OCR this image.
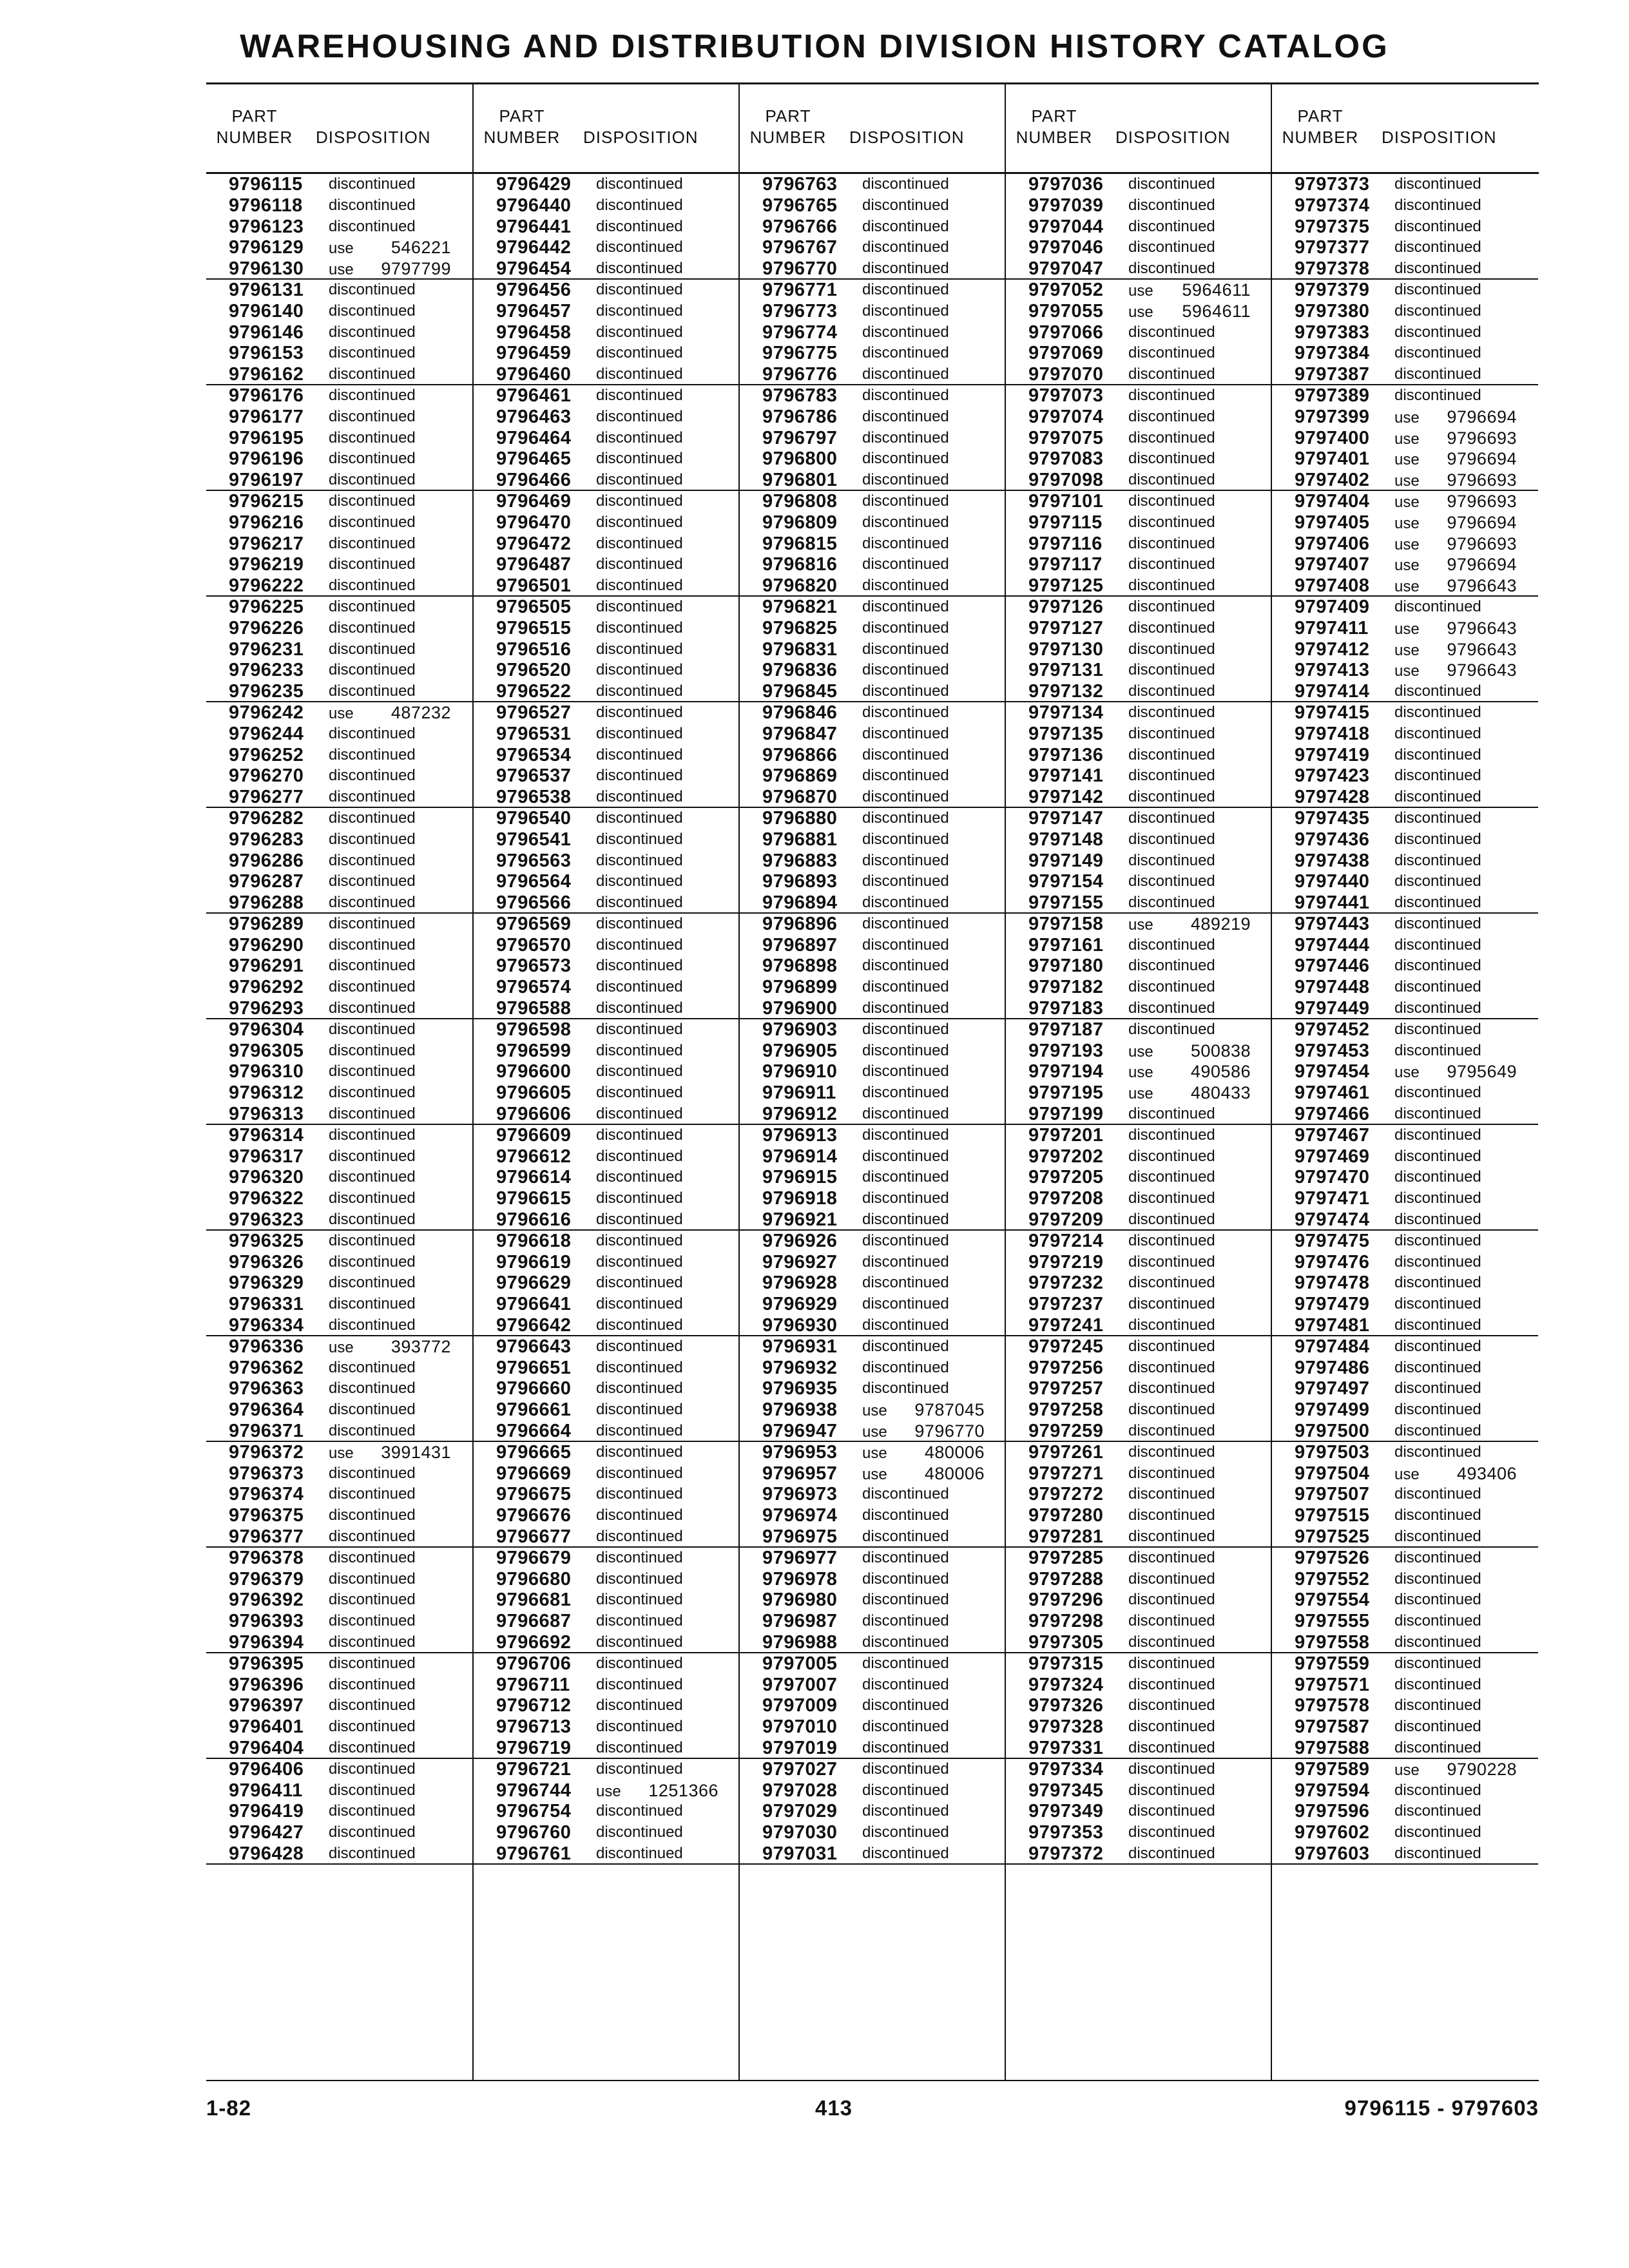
WAREHOUSING AND DISTRIBUTION DIVISION HISTORY CATALOG
PART
NUMBER	DISPOSITION
9796115 discontinued
9796118 discontinued
9796123 discontinued
9796129 use 546221
9796130 use 9797799
9796131 discontinued
9796140 discontinued
9796146 discontinued
9796153 discontinued
9796162 discontinued
9796176 discontinued
9796177 discontinued
9796195 discontinued
9796196 discontinued
9796197 discontinued
9796215 discontinued
9796216 discontinued
9796217 discontinued
9796219 discontinued
9796222 discontinued
9796225 discontinued
9796226 discontinued
9796231 discontinued
9796233 discontinued
9796235 discontinued
9796242 use 487232
9796244 discontinued
9796252 discontinued
9796270 discontinued
9796277 discontinued
9796282 discontinued
9796283 discontinued
9796286 discontinued
9796287 discontinued
9796288 discontinued
9796289 discontinued
9796290 discontinued
9796291 discontinued
9796292 discontinued
9796293 discontinued
9796304 discontinued
9796305 discontinued
9796310 discontinued
9796312 discontinued
9796313 discontinued
9796314 discontinued
9796317 discontinued
9796320 discontinued
9796322 discontinued
9796323 discontinued
9796325 discontinued
9796326 discontinued
9796329 discontinued
9796331 discontinued
9796334 discontinued
9796336 use 393772
9796362 discontinued
9796363 discontinued
9796364 discontinued
9796371 discontinued
9796372 use 3991431
9796373 discontinued
9796374 discontinued
9796375 discontinued
9796377 discontinued
9796378 discontinued
9796379 discontinued
9796392 discontinued
9796393 discontinued
9796394 discontinued
9796395 discontinued
9796396 discontinued
9796397 discontinued
9796401 discontinued
9796404 discontinued
9796406 discontinued
9796411 discontinued
9796419 discontinued
9796427 discontinued
9796428 discontinued
PART
NUMBER	DISPOSITION
9796429 discontinued
9796440 discontinued
9796441 discontinued
9796442 discontinued
9796454 discontinued
9796456 discontinued
9796457 discontinued
9796458 discontinued
9796459 discontinued
9796460 discontinued
9796461 discontinued
9796463 discontinued
9796464 discontinued
9796465 discontinued
9796466 discontinued
9796469 discontinued
9796470 discontinued
9796472 discontinued
9796487 discontinued
9796501 discontinued
9796505 discontinued
9796515 discontinued
9796516 discontinued
9796520 discontinued
9796522 discontinued
9796527 discontinued
9796531 discontinued
9796534 discontinued
9796537 discontinued
9796538 discontinued
9796540 discontinued
9796541 discontinued
9796563 discontinued
9796564 discontinued
9796566 discontinued
9796569 discontinued
9796570 discontinued
9796573 discontinued
9796574 discontinued
9796588 discontinued
9796598 discontinued
9796599 discontinued
9796600 discontinued
9796605 discontinued
9796606 discontinued
9796609 discontinued
9796612 discontinued
9796614 discontinued
9796615 discontinued
9796616 discontinued
9796618 discontinued
9796619 discontinued
9796629 discontinued
9796641 discontinued
9796642 discontinued
9796643 discontinued
9796651 discontinued
9796660 discontinued
9796661 discontinued
9796664 discontinued
9796665 discontinued
9796669 discontinued
9796675 discontinued
9796676 discontinued
9796677 discontinued
9796679 discontinued
9796680 discontinued
9796681 discontinued
9796687 discontinued
9796692 discontinued
9796706 discontinued
9796711 discontinued
9796712 discontinued
9796713 discontinued
9796719 discontinued
9796721 discontinued
9796744 use 1251366
9796754 discontinued
9796760 discontinued
9796761 discontinued
PART
NUMBER	DISPOSITION
9796763 discontinued
9796765 discontinued
9796766 discontinued
9796767 discontinued
9796770 discontinued
9796771 discontinued
9796773 discontinued
9796774 discontinued
9796775 discontinued
9796776 discontinued
9796783 discontinued
9796786 discontinued
9796797 discontinued
9796800 discontinued
9796801 discontinued
9796808 discontinued
9796809 discontinued
9796815 discontinued
9796816 discontinued
9796820 discontinued
9796821 discontinued
9796825 discontinued
9796831 discontinued
9796836 discontinued
9796845 discontinued
9796846 discontinued
9796847 discontinued
9796866 discontinued
9796869 discontinued
9796870 discontinued
9796880 discontinued
9796881 discontinued
9796883 discontinued
9796893 discontinued
9796894 discontinued
9796896 discontinued
9796897 discontinued
9796898 discontinued
9796899 discontinued
9796900 discontinued
9796903 discontinued
9796905 discontinued
9796910 discontinued
9796911 discontinued
9796912 discontinued
9796913 discontinued
9796914 discontinued
9796915 discontinued
9796918 discontinued
9796921 discontinued
9796926 discontinued
9796927 discontinued
9796928 discontinued
9796929 discontinued
9796930 discontinued
9796931 discontinued
9796932 discontinued
9796935 discontinued
9796938 use 9787045
9796947 use 9796770
9796953 use 480006
9796957 use 480006
9796973 discontinued
9796974 discontinued
9796975 discontinued
9796977 discontinued
9796978 discontinued
9796980 discontinued
9796987 discontinued
9796988 discontinued
9797005 discontinued
9797007 discontinued
9797009 discontinued
9797010 discontinued
9797019 discontinued
9797027 discontinued
9797028 discontinued
9797029 discontinued
9797030 discontinued
9797031 discontinued
PART
NUMBER	DISPOSITION
9797036 discontinued
9797039 discontinued
9797044 discontinued
9797046 discontinued
9797047 discontinued
9797052 use 5964611
9797055 use 5964611
9797066 discontinued
9797069 discontinued
9797070 discontinued
9797073 discontinued
9797074 discontinued
9797075 discontinued
9797083 discontinued
9797098 discontinued
9797101 discontinued
9797115 discontinued
9797116 discontinued
9797117 discontinued
9797125 discontinued
9797126 discontinued
9797127 discontinued
9797130 discontinued
9797131 discontinued
9797132 discontinued
9797134 discontinued
9797135 discontinued
9797136 discontinued
9797141 discontinued
9797142 discontinued
9797147 discontinued
9797148 discontinued
9797149 discontinued
9797154 discontinued
9797155 discontinued
9797158 use 489219
9797161 discontinued
9797180 discontinued
9797182 discontinued
9797183 discontinued
9797187 discontinued
9797193 use 500838
9797194 use 490586
9797195 use 480433
9797199 discontinued
9797201 discontinued
9797202 discontinued
9797205 discontinued
9797208 discontinued
9797209 discontinued
9797214 discontinued
9797219 discontinued
9797232 discontinued
9797237 discontinued
9797241 discontinued
9797245 discontinued
9797256 discontinued
9797257 discontinued
9797258 discontinued
9797259 discontinued
9797261 discontinued
9797271 discontinued
9797272 discontinued
9797280 discontinued
9797281 discontinued
9797285 discontinued
9797288 discontinued
9797296 discontinued
9797298 discontinued
9797305 discontinued
9797315 discontinued
9797324 discontinued
9797326 discontinued
9797328 discontinued
9797331 discontinued
9797334 discontinued
9797345 discontinued
9797349 discontinued
9797353 discontinued
9797372 discontinued
PART
NUMBER	DISPOSITION
9797373 discontinued
9797374 discontinued
9797375 discontinued
9797377 discontinued
9797378 discontinued
9797379 discontinued
9797380 discontinued
9797383 discontinued
9797384 discontinued
9797387 discontinued
9797389 discontinued
9797399 use 9796694
9797400 use 9796693
9797401 use 9796694
9797402 use 9796693
9797404 use 9796693
9797405 use 9796694
9797406 use 9796693
9797407 use 9796694
9797408 use 9796643
9797409 discontinued
9797411 use 9796643
9797412 use 9796643
9797413 use 9796643
9797414 discontinued
9797415 discontinued
9797418 discontinued
9797419 discontinued
9797423 discontinued
9797428 discontinued
9797435 discontinued
9797436 discontinued
9797438 discontinued
9797440 discontinued
9797441 discontinued
9797443 discontinued
9797444 discontinued
9797446 discontinued
9797448 discontinued
9797449 discontinued
9797452 discontinued
9797453 discontinued
9797454 use 9795649
9797461 discontinued
9797466 discontinued
9797467 discontinued
9797469 discontinued
9797470 discontinued
9797471 discontinued
9797474 discontinued
9797475 discontinued
9797476 discontinued
9797478 discontinued
9797479 discontinued
9797481 discontinued
9797484 discontinued
9797486 discontinued
9797497 discontinued
9797499 discontinued
9797500 discontinued
9797503 discontinued
9797504 use 493406
9797507 discontinued
9797515 discontinued
9797525 discontinued
9797526 discontinued
9797552 discontinued
9797554 discontinued
9797555 discontinued
9797558 discontinued
9797559 discontinued
9797571 discontinued
9797578 discontinued
9797587 discontinued
9797588 discontinued
9797589 use 9790228
9797594 discontinued
9797596 discontinued
9797602 discontinued
9797603 discontinued
1-82	413	9796115 - 9797603
